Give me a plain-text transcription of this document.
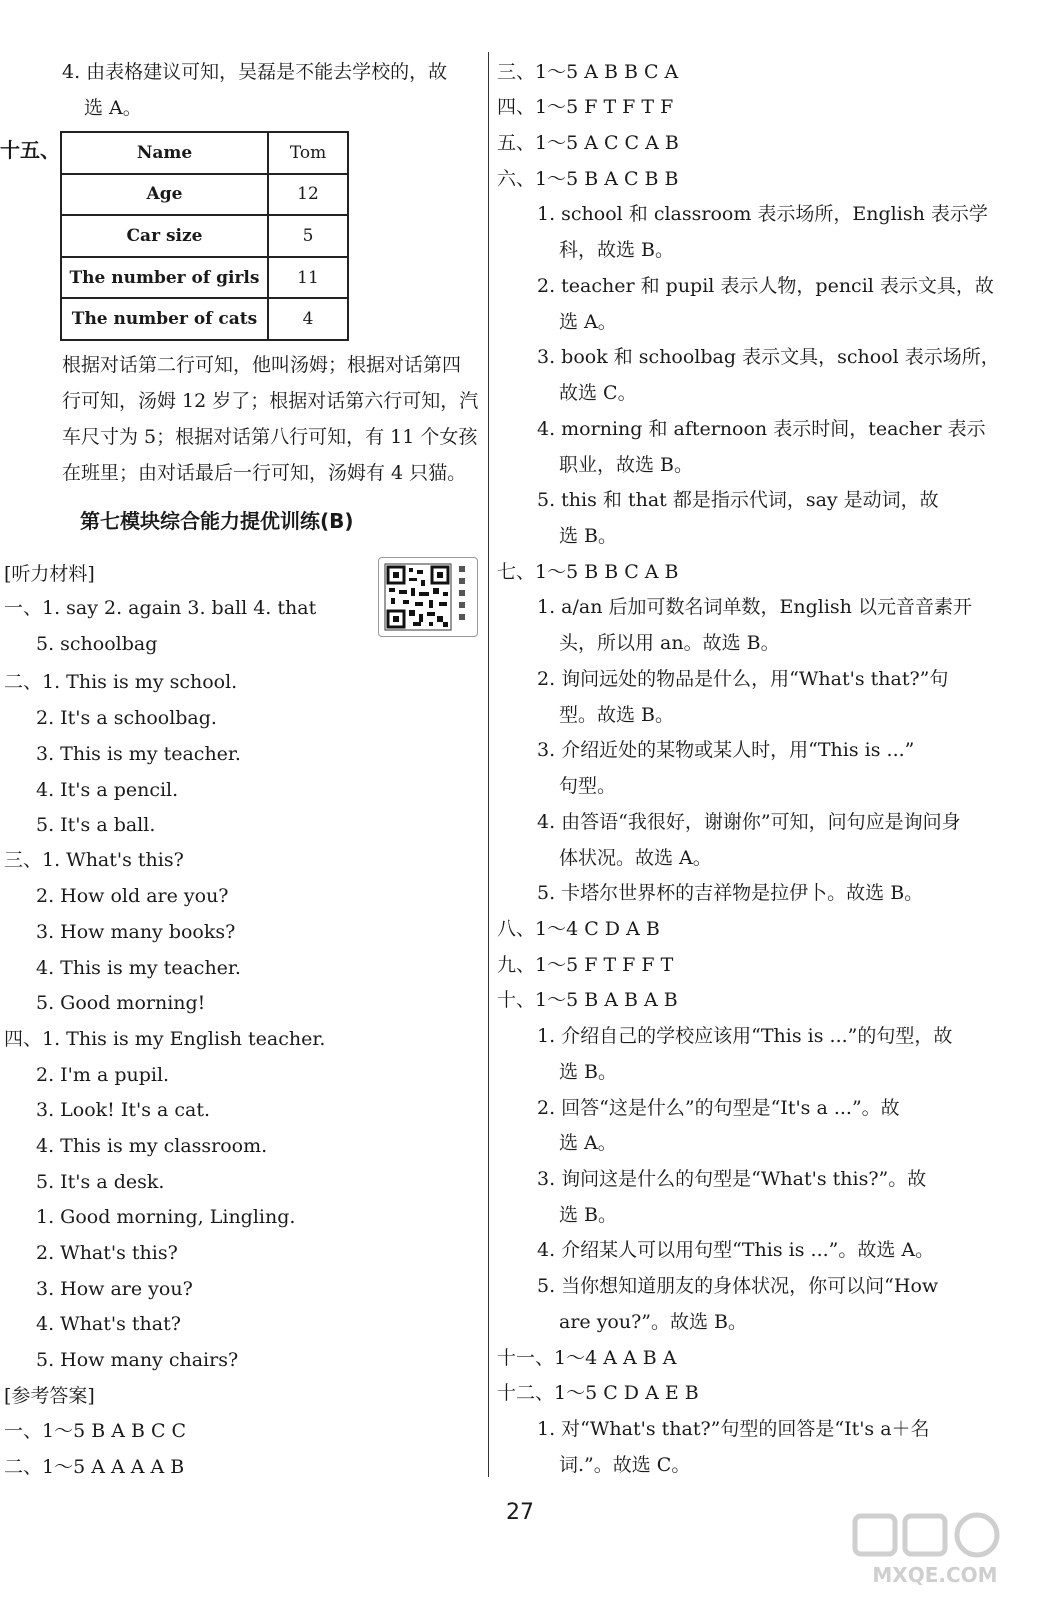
4. 由表格建议可知，吴磊是不能去学校的，故
选 A。
十五、	Name	Tom
Age	12
Car size	5
The number of girls	11
The number of cats	4
根据对话第二行可知，他叫汤姆；根据对话第四
行可知，汤姆 12 岁了；根据对话第六行可知，汽
车尺寸为 5；根据对话第八行可知，有 11 个女孩
在班里；由对话最后一行可知，汤姆有 4 只猫。
第七模块综合能力提优训练(B)
[听力材料]
一、1. say 2. again 3. ball 4. that
5. schoolbag
二、1. This is my school.
2. It's a schoolbag.
3. This is my teacher.
4. It's a pencil.
5. It's a ball.
三、1. What's this?
2. How old are you?
3. How many books?
4. This is my teacher.
5. Good morning!
四、1. This is my English teacher.
2. I'm a pupil.
3. Look! It's a cat.
4. This is my classroom.
5. It's a desk.
1. Good morning, Lingling.
2. What's this?
3. How are you?
4. What's that?
5. How many chairs?
[参考答案]
一、1～5 B A B C C
二、1～5 A A A A B
三、1～5 A B B C A
四、1～5 F T F T F
五、1～5 A C C A B
六、1～5 B A C B B
1. school 和 classroom 表示场所，English 表示学
科，故选 B。
2. teacher 和 pupil 表示人物，pencil 表示文具，故
选 A。
3. book 和 schoolbag 表示文具，school 表示场所，
故选 C。
4. morning 和 afternoon 表示时间，teacher 表示
职业，故选 B。
5. this 和 that 都是指示代词，say 是动词，故
选 B。
七、1～5 B B C A B
1. a/an 后加可数名词单数，English 以元音音素开
头，所以用 an。故选 B。
2. 询问远处的物品是什么，用“What's that?”句
型。故选 B。
3. 介绍近处的某物或某人时，用“This is ...”
句型。
4. 由答语“我很好，谢谢你”可知，问句应是询问身
体状况。故选 A。
5. 卡塔尔世界杯的吉祥物是拉伊卜。故选 B。
八、1～4 C D A B
九、1～5 F T F F T
十、1～5 B A B A B
1. 介绍自己的学校应该用“This is ...”的句型，故
选 B。
2. 回答“这是什么”的句型是“It's a ...”。故
选 A。
3. 询问这是什么的句型是“What's this?”。故
选 B。
4. 介绍某人可以用句型“This is ...”。故选 A。
5. 当你想知道朋友的身体状况，你可以问“How
are you?”。故选 B。
十一、1～4 A A B A
十二、1～5 C D A E B
1. 对“What's that?”句型的回答是“It's a＋名
词.”。故选 C。
27
MXQE.COM
